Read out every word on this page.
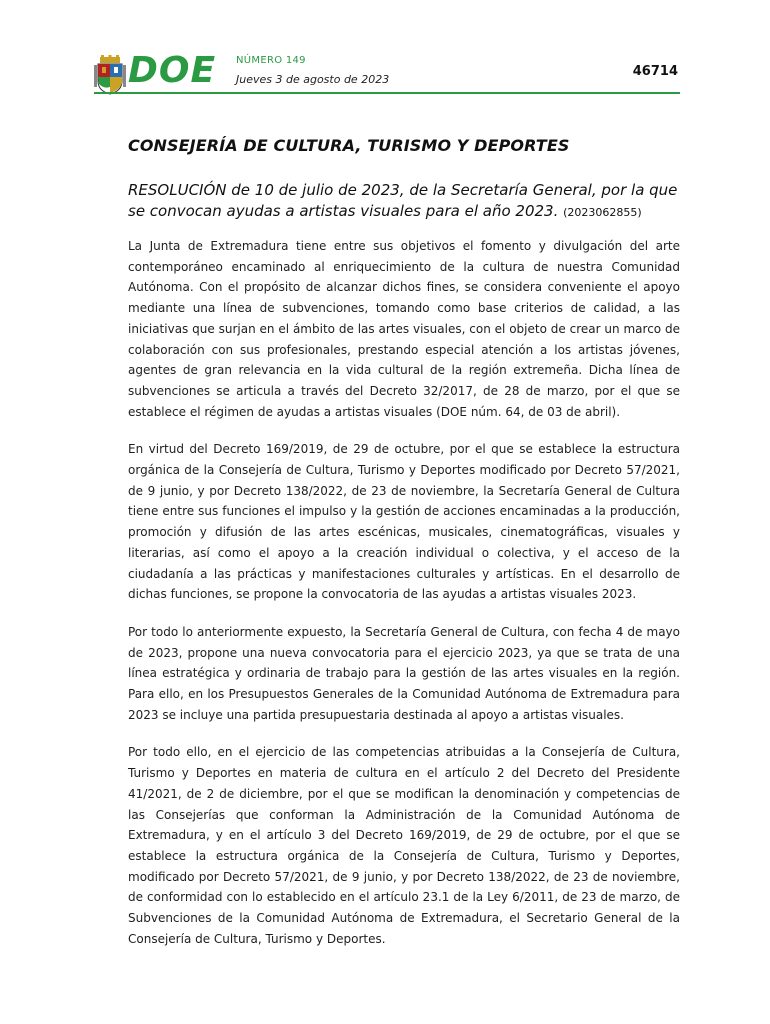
DOE NÚMERO 149
Jueves 3 de agosto de 2023
46714
CONSEJERÍA DE CULTURA, TURISMO Y DEPORTES
RESOLUCIÓN de 10 de julio de 2023, de la Secretaría General, por la que se convocan ayudas a artistas visuales para el año 2023. (2023062855)

La Junta de Extremadura tiene entre sus objetivos el fomento y divulgación del arte contemporáneo encaminado al enriquecimiento de la cultura de nuestra Comunidad Autónoma. Con el propósito de alcanzar dichos fines, se considera conveniente el apoyo mediante una línea de subvenciones, tomando como base criterios de calidad, a las iniciativas que surjan en el ámbito de las artes visuales, con el objeto de crear un marco de colaboración con sus profesionales, prestando especial atención a los artistas jóvenes, agentes de gran relevancia en la vida cultural de la región extremeña. Dicha línea de subvenciones se articula a través del Decreto 32/2017, de 28 de marzo, por el que se establece el régimen de ayudas a artistas visuales (DOE núm. 64, de 03 de abril).

En virtud del Decreto 169/2019, de 29 de octubre, por el que se establece la estructura orgánica de la Consejería de Cultura, Turismo y Deportes modificado por Decreto 57/2021, de 9 junio, y por Decreto 138/2022, de 23 de noviembre, la Secretaría General de Cultura tiene entre sus funciones el impulso y la gestión de acciones encaminadas a la producción, promoción y difusión de las artes escénicas, musicales, cinematográficas, visuales y literarias, así como el apoyo a la creación individual o colectiva, y el acceso de la ciudadanía a las prácticas y manifestaciones culturales y artísticas. En el desarrollo de dichas funciones, se propone la convocatoria de las ayudas a artistas visuales 2023.

Por todo lo anteriormente expuesto, la Secretaría General de Cultura, con fecha 4 de mayo de 2023, propone una nueva convocatoria para el ejercicio 2023, ya que se trata de una línea estratégica y ordinaria de trabajo para la gestión de las artes visuales en la región. Para ello, en los Presupuestos Generales de la Comunidad Autónoma de Extremadura para 2023 se incluye una partida presupuestaria destinada al apoyo a artistas visuales.

Por todo ello, en el ejercicio de las competencias atribuidas a la Consejería de Cultura, Turismo y Deportes en materia de cultura en el artículo 2 del Decreto del Presidente 41/2021, de 2 de diciembre, por el que se modifican la denominación y competencias de las Consejerías que conforman la Administración de la Comunidad Autónoma de Extremadura, y en el artículo 3 del Decreto 169/2019, de 29 de octubre, por el que se establece la estructura orgánica de la Consejería de Cultura, Turismo y Deportes, modificado por Decreto 57/2021, de 9 junio, y por Decreto 138/2022, de 23 de noviembre, de conformidad con lo establecido en el artículo 23.1 de la Ley 6/2011, de 23 de marzo, de Subvenciones de la Comunidad Autónoma de Extremadura, el Secretario General de la Consejería de Cultura, Turismo y Deportes.
